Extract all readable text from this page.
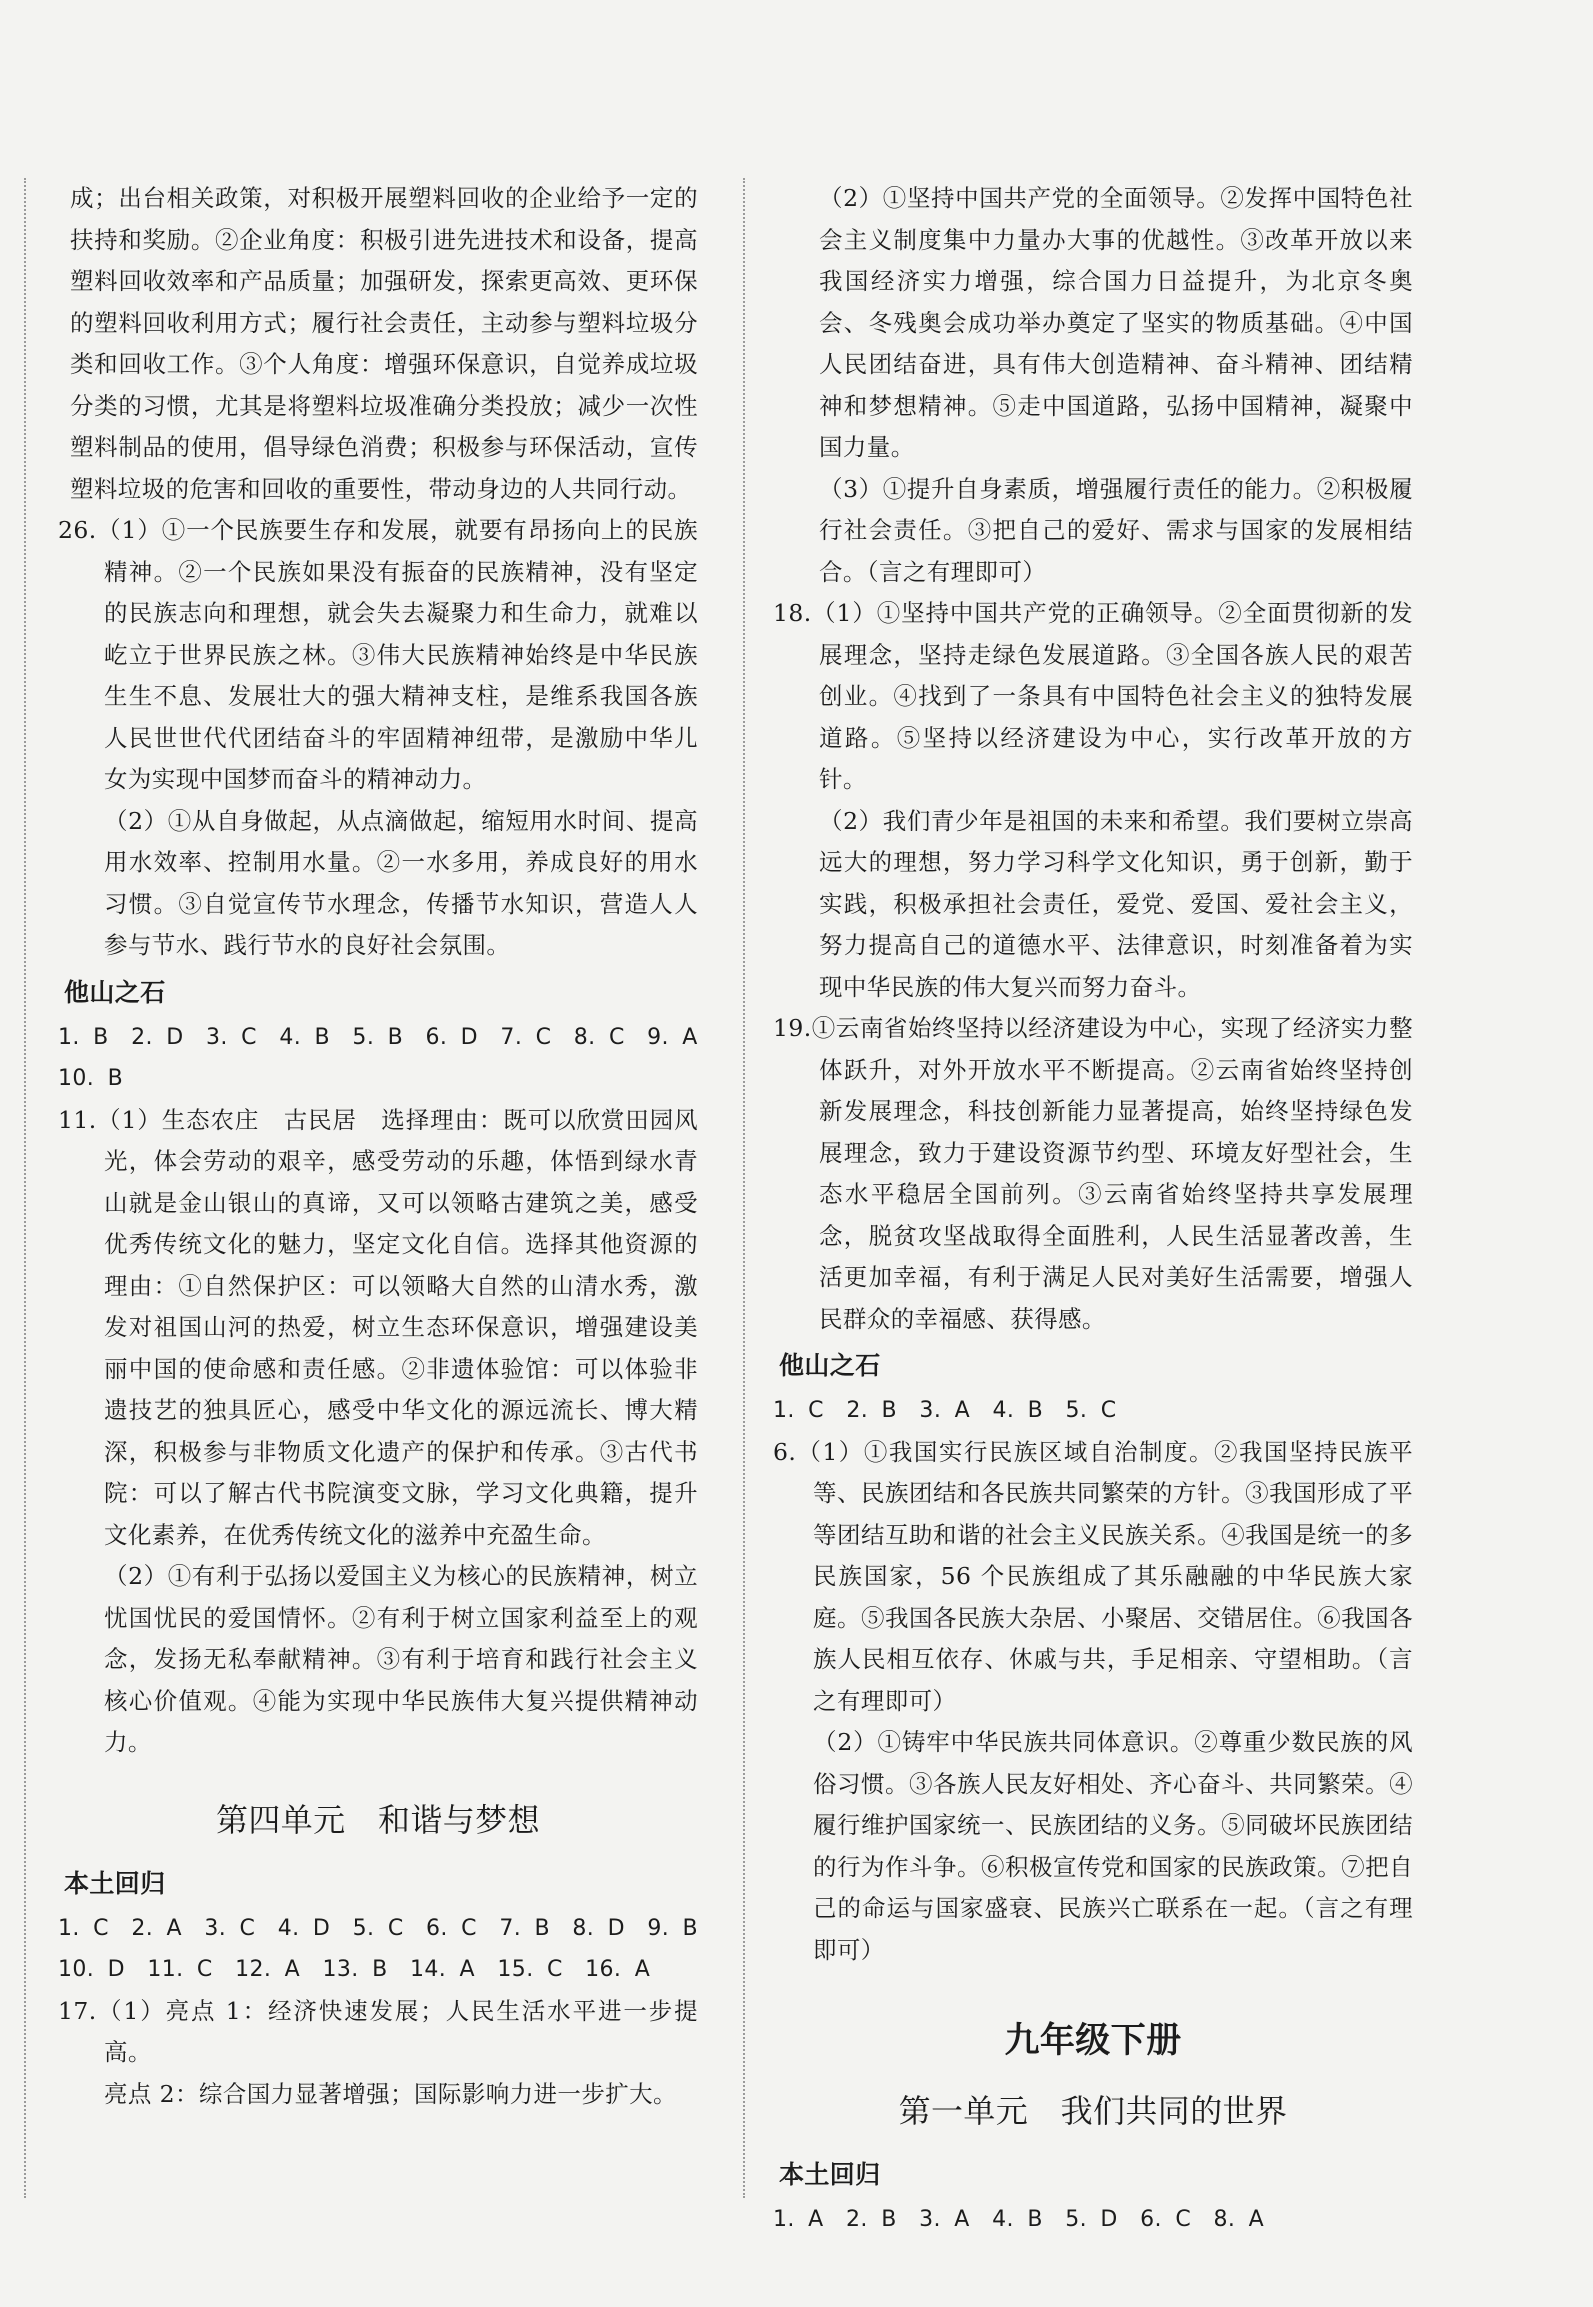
成；出台相关政策，对积极开展塑料回收的企业给予一定的扶持和奖励。②企业角度：积极引进先进技术和设备，提高塑料回收效率和产品质量；加强研发，探索更高效、更环保的塑料回收利用方式；履行社会责任，主动参与塑料垃圾分类和回收工作。③个人角度：增强环保意识，自觉养成垃圾分类的习惯，尤其是将塑料垃圾准确分类投放；减少一次性塑料制品的使用，倡导绿色消费；积极参与环保活动，宣传塑料垃圾的危害和回收的重要性，带动身边的人共同行动。

26.（1）①一个民族要生存和发展，就要有昂扬向上的民族精神。②一个民族如果没有振奋的民族精神，没有坚定的民族志向和理想，就会失去凝聚力和生命力，就难以屹立于世界民族之林。③伟大民族精神始终是中华民族生生不息、发展壮大的强大精神支柱，是维系我国各族人民世世代代团结奋斗的牢固精神纽带，是激励中华儿女为实现中国梦而奋斗的精神动力。

（2）①从自身做起，从点滴做起，缩短用水时间、提高用水效率、控制用水量。②一水多用，养成良好的用水习惯。③自觉宣传节水理念，传播节水知识，营造人人参与节水、践行节水的良好社会氛围。

他山之石

1. B　2. D　3. C　4. B　5. B　6. D　7. C　8. C　9. A

10. B

11.（1）生态农庄　古民居　选择理由：既可以欣赏田园风光，体会劳动的艰辛，感受劳动的乐趣，体悟到绿水青山就是金山银山的真谛，又可以领略古建筑之美，感受优秀传统文化的魅力，坚定文化自信。选择其他资源的理由：①自然保护区：可以领略大自然的山清水秀，激发对祖国山河的热爱，树立生态环保意识，增强建设美丽中国的使命感和责任感。②非遗体验馆：可以体验非遗技艺的独具匠心，感受中华文化的源远流长、博大精深，积极参与非物质文化遗产的保护和传承。③古代书院：可以了解古代书院演变文脉，学习文化典籍，提升文化素养，在优秀传统文化的滋养中充盈生命。

（2）①有利于弘扬以爱国主义为核心的民族精神，树立忧国忧民的爱国情怀。②有利于树立国家利益至上的观念，发扬无私奉献精神。③有利于培育和践行社会主义核心价值观。④能为实现中华民族伟大复兴提供精神动力。

第四单元　和谐与梦想
本土回归

1. C　2. A　3. C　4. D　5. C　6. C　7. B　8. D　9. B

10. D　11. C　12. A　13. B　14. A　15. C　16. A

17.（1）亮点 1：经济快速发展；人民生活水平进一步提高。

亮点 2：综合国力显著增强；国际影响力进一步扩大。

（2）①坚持中国共产党的全面领导。②发挥中国特色社会主义制度集中力量办大事的优越性。③改革开放以来我国经济实力增强，综合国力日益提升，为北京冬奥会、冬残奥会成功举办奠定了坚实的物质基础。④中国人民团结奋进，具有伟大创造精神、奋斗精神、团结精神和梦想精神。⑤走中国道路，弘扬中国精神，凝聚中国力量。

（3）①提升自身素质，增强履行责任的能力。②积极履行社会责任。③把自己的爱好、需求与国家的发展相结合。（言之有理即可）

18.（1）①坚持中国共产党的正确领导。②全面贯彻新的发展理念，坚持走绿色发展道路。③全国各族人民的艰苦创业。④找到了一条具有中国特色社会主义的独特发展道路。⑤坚持以经济建设为中心，实行改革开放的方针。

（2）我们青少年是祖国的未来和希望。我们要树立崇高远大的理想，努力学习科学文化知识，勇于创新，勤于实践，积极承担社会责任，爱党、爱国、爱社会主义，努力提高自己的道德水平、法律意识，时刻准备着为实现中华民族的伟大复兴而努力奋斗。

19.①云南省始终坚持以经济建设为中心，实现了经济实力整体跃升，对外开放水平不断提高。②云南省始终坚持创新发展理念，科技创新能力显著提高，始终坚持绿色发展理念，致力于建设资源节约型、环境友好型社会，生态水平稳居全国前列。③云南省始终坚持共享发展理念，脱贫攻坚战取得全面胜利，人民生活显著改善，生活更加幸福，有利于满足人民对美好生活需要，增强人民群众的幸福感、获得感。

他山之石

1. C　2. B　3. A　4. B　5. C

6.（1）①我国实行民族区域自治制度。②我国坚持民族平等、民族团结和各民族共同繁荣的方针。③我国形成了平等团结互助和谐的社会主义民族关系。④我国是统一的多民族国家，56 个民族组成了其乐融融的中华民族大家庭。⑤我国各民族大杂居、小聚居、交错居住。⑥我国各族人民相互依存、休戚与共，手足相亲、守望相助。（言之有理即可）

（2）①铸牢中华民族共同体意识。②尊重少数民族的风俗习惯。③各族人民友好相处、齐心奋斗、共同繁荣。④履行维护国家统一、民族团结的义务。⑤同破坏民族团结的行为作斗争。⑥积极宣传党和国家的民族政策。⑦把自己的命运与国家盛衰、民族兴亡联系在一起。（言之有理即可）

九年级下册
第一单元　我们共同的世界
本土回归

1. A　2. B　3. A　4. B　5. D　6. C　8. A
